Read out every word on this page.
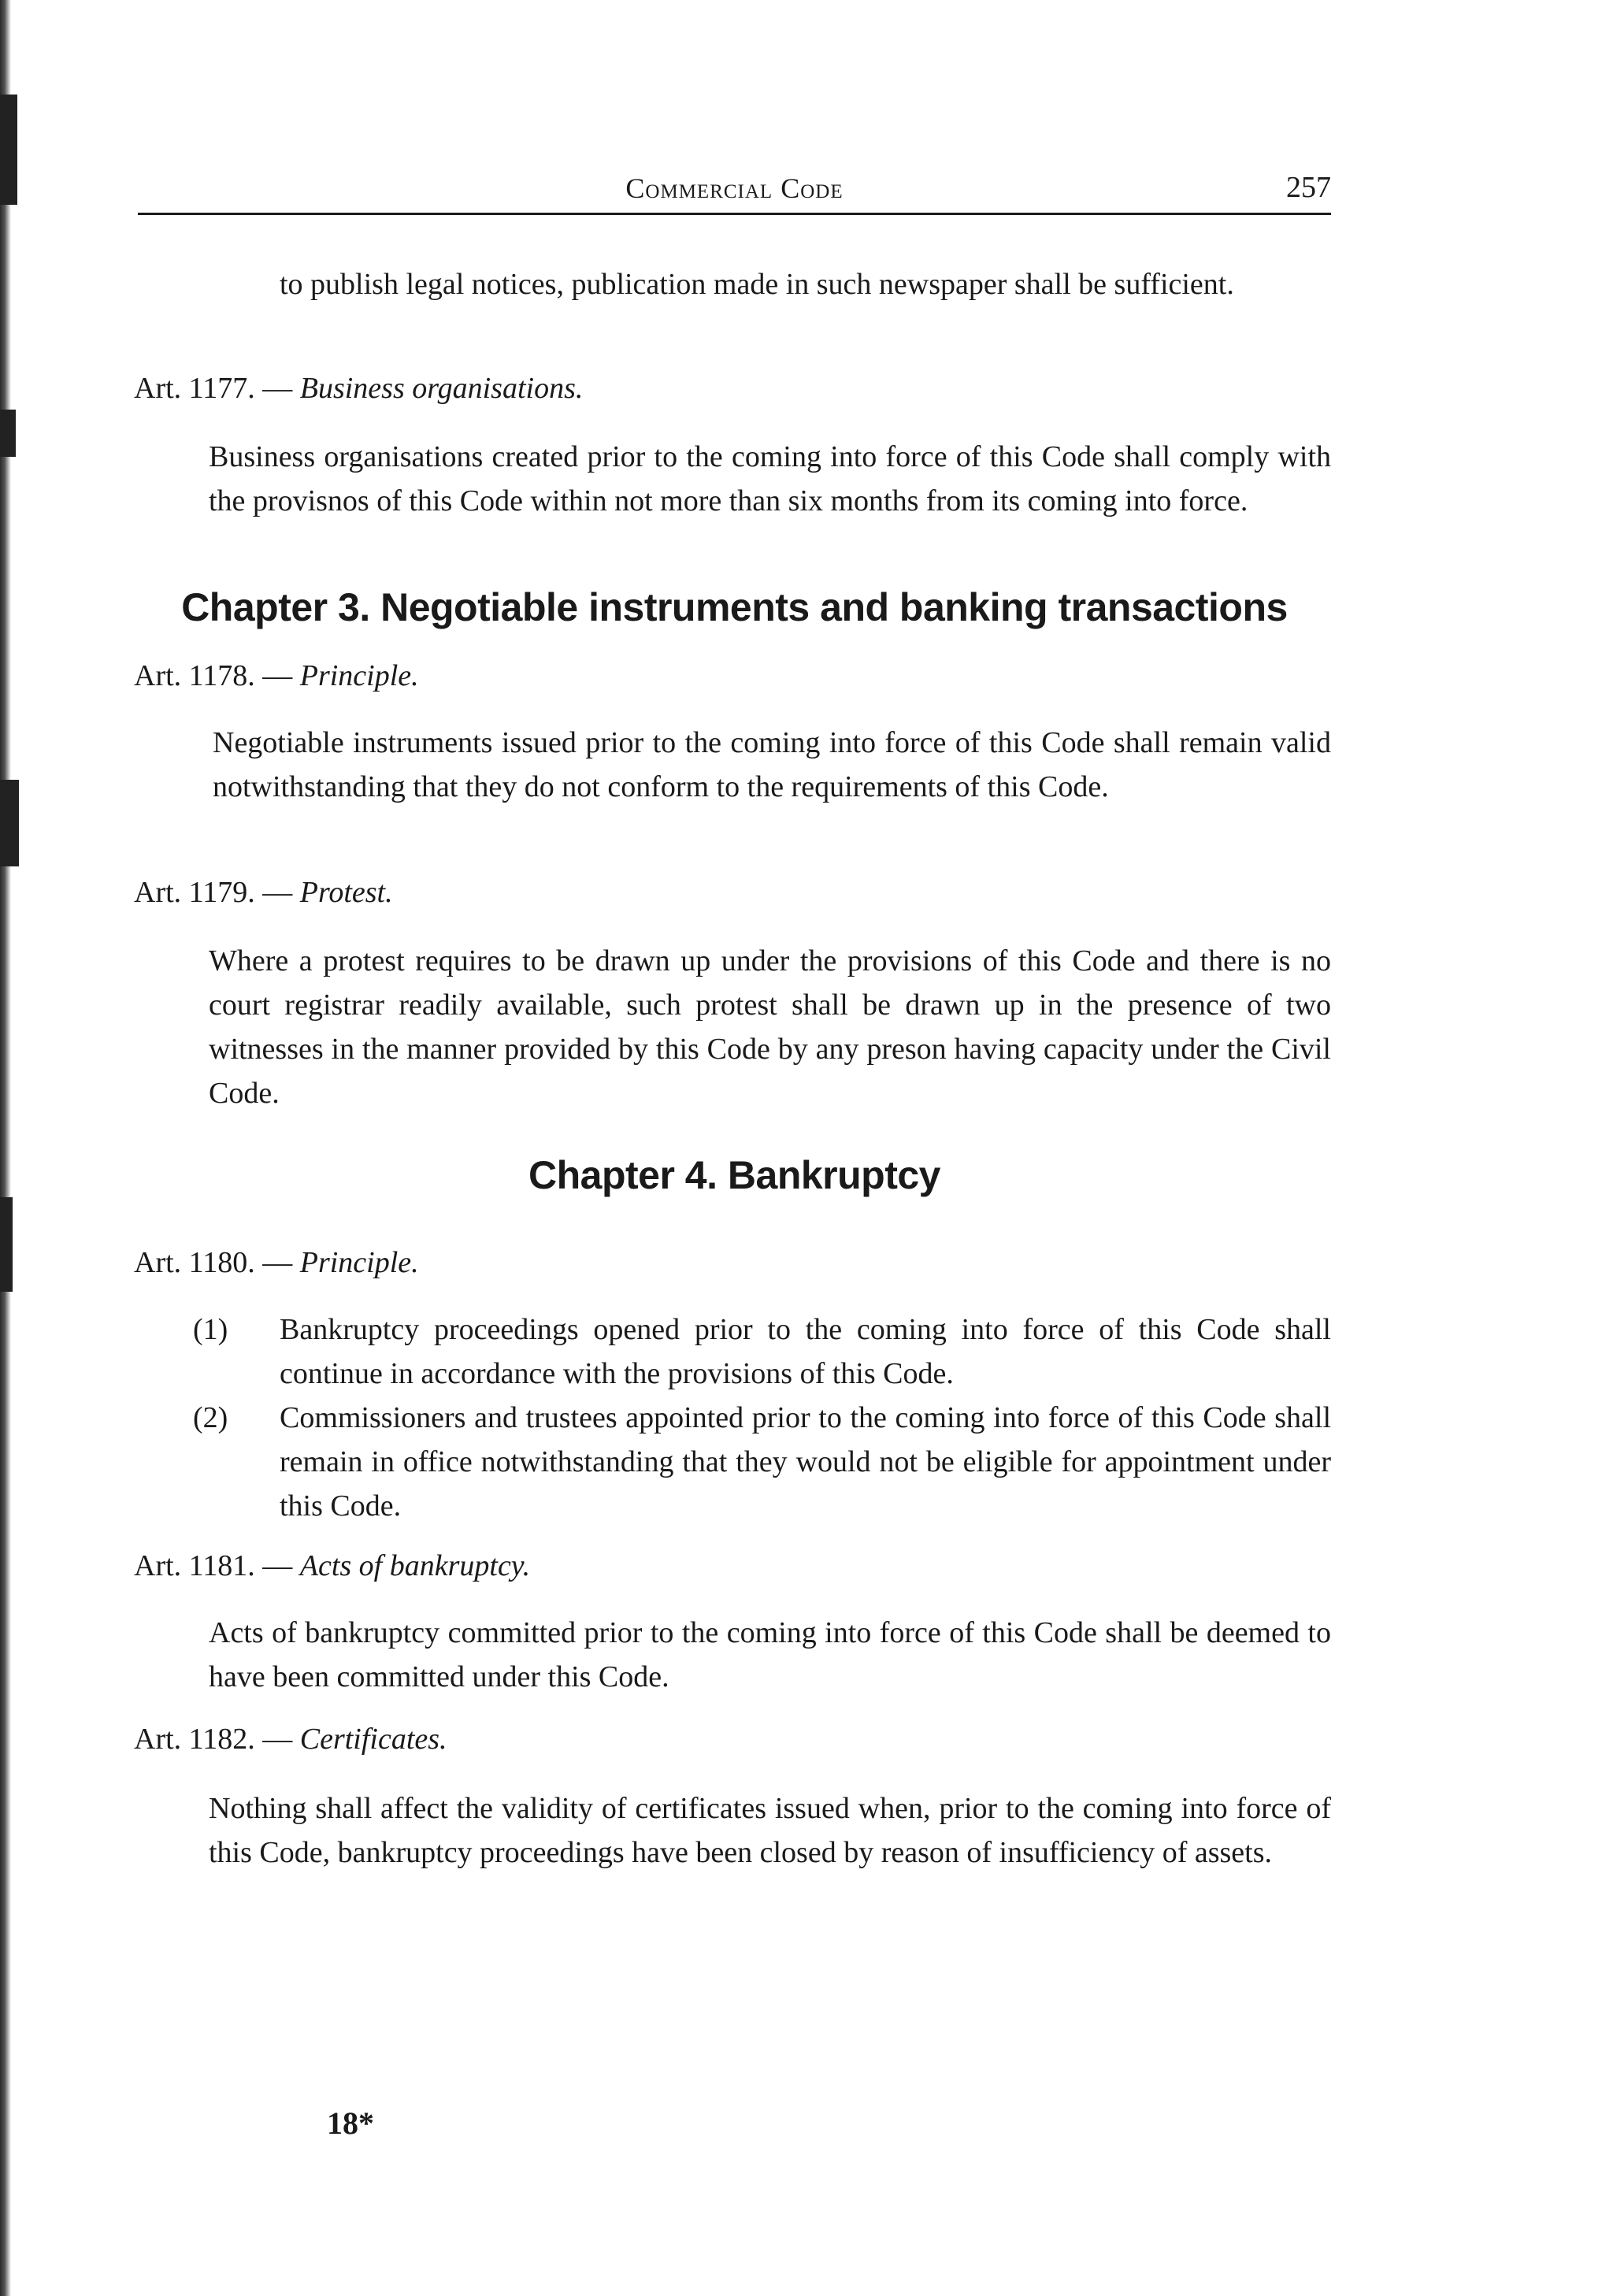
Commercial Code	257

to publish legal notices, publication made in such newspaper shall be sufficient.

Art. 1177. — Business organisations.

Business organisations created prior to the coming into force of this Code shall comply with the provisnos of this Code within not more than six months from its coming into force.

Chapter 3. Negotiable instruments and banking transactions
Art. 1178. — Principle.

Negotiable instruments issued prior to the coming into force of this Code shall remain valid notwithstanding that they do not conform to the requirements of this Code.

Art. 1179. — Protest.

Where a protest requires to be drawn up under the provisions of this Code and there is no court registrar readily available, such protest shall be drawn up in the presence of two witnesses in the manner provided by this Code by any preson having capacity under the Civil Code.

Chapter 4. Bankruptcy
Art. 1180. — Principle.
(1) Bankruptcy proceedings opened prior to the coming into force of this Code shall continue in accordance with the provisions of this Code.
(2) Commissioners and trustees appointed prior to the coming into force of this Code shall remain in office notwithstanding that they would not be eligible for appointment under this Code.
Art. 1181. — Acts of bankruptcy.

Acts of bankruptcy committed prior to the coming into force of this Code shall be deemed to have been committed under this Code.

Art. 1182. — Certificates.

Nothing shall affect the validity of certificates issued when, prior to the coming into force of this Code, bankruptcy proceedings have been closed by reason of insufficiency of assets.

18*
